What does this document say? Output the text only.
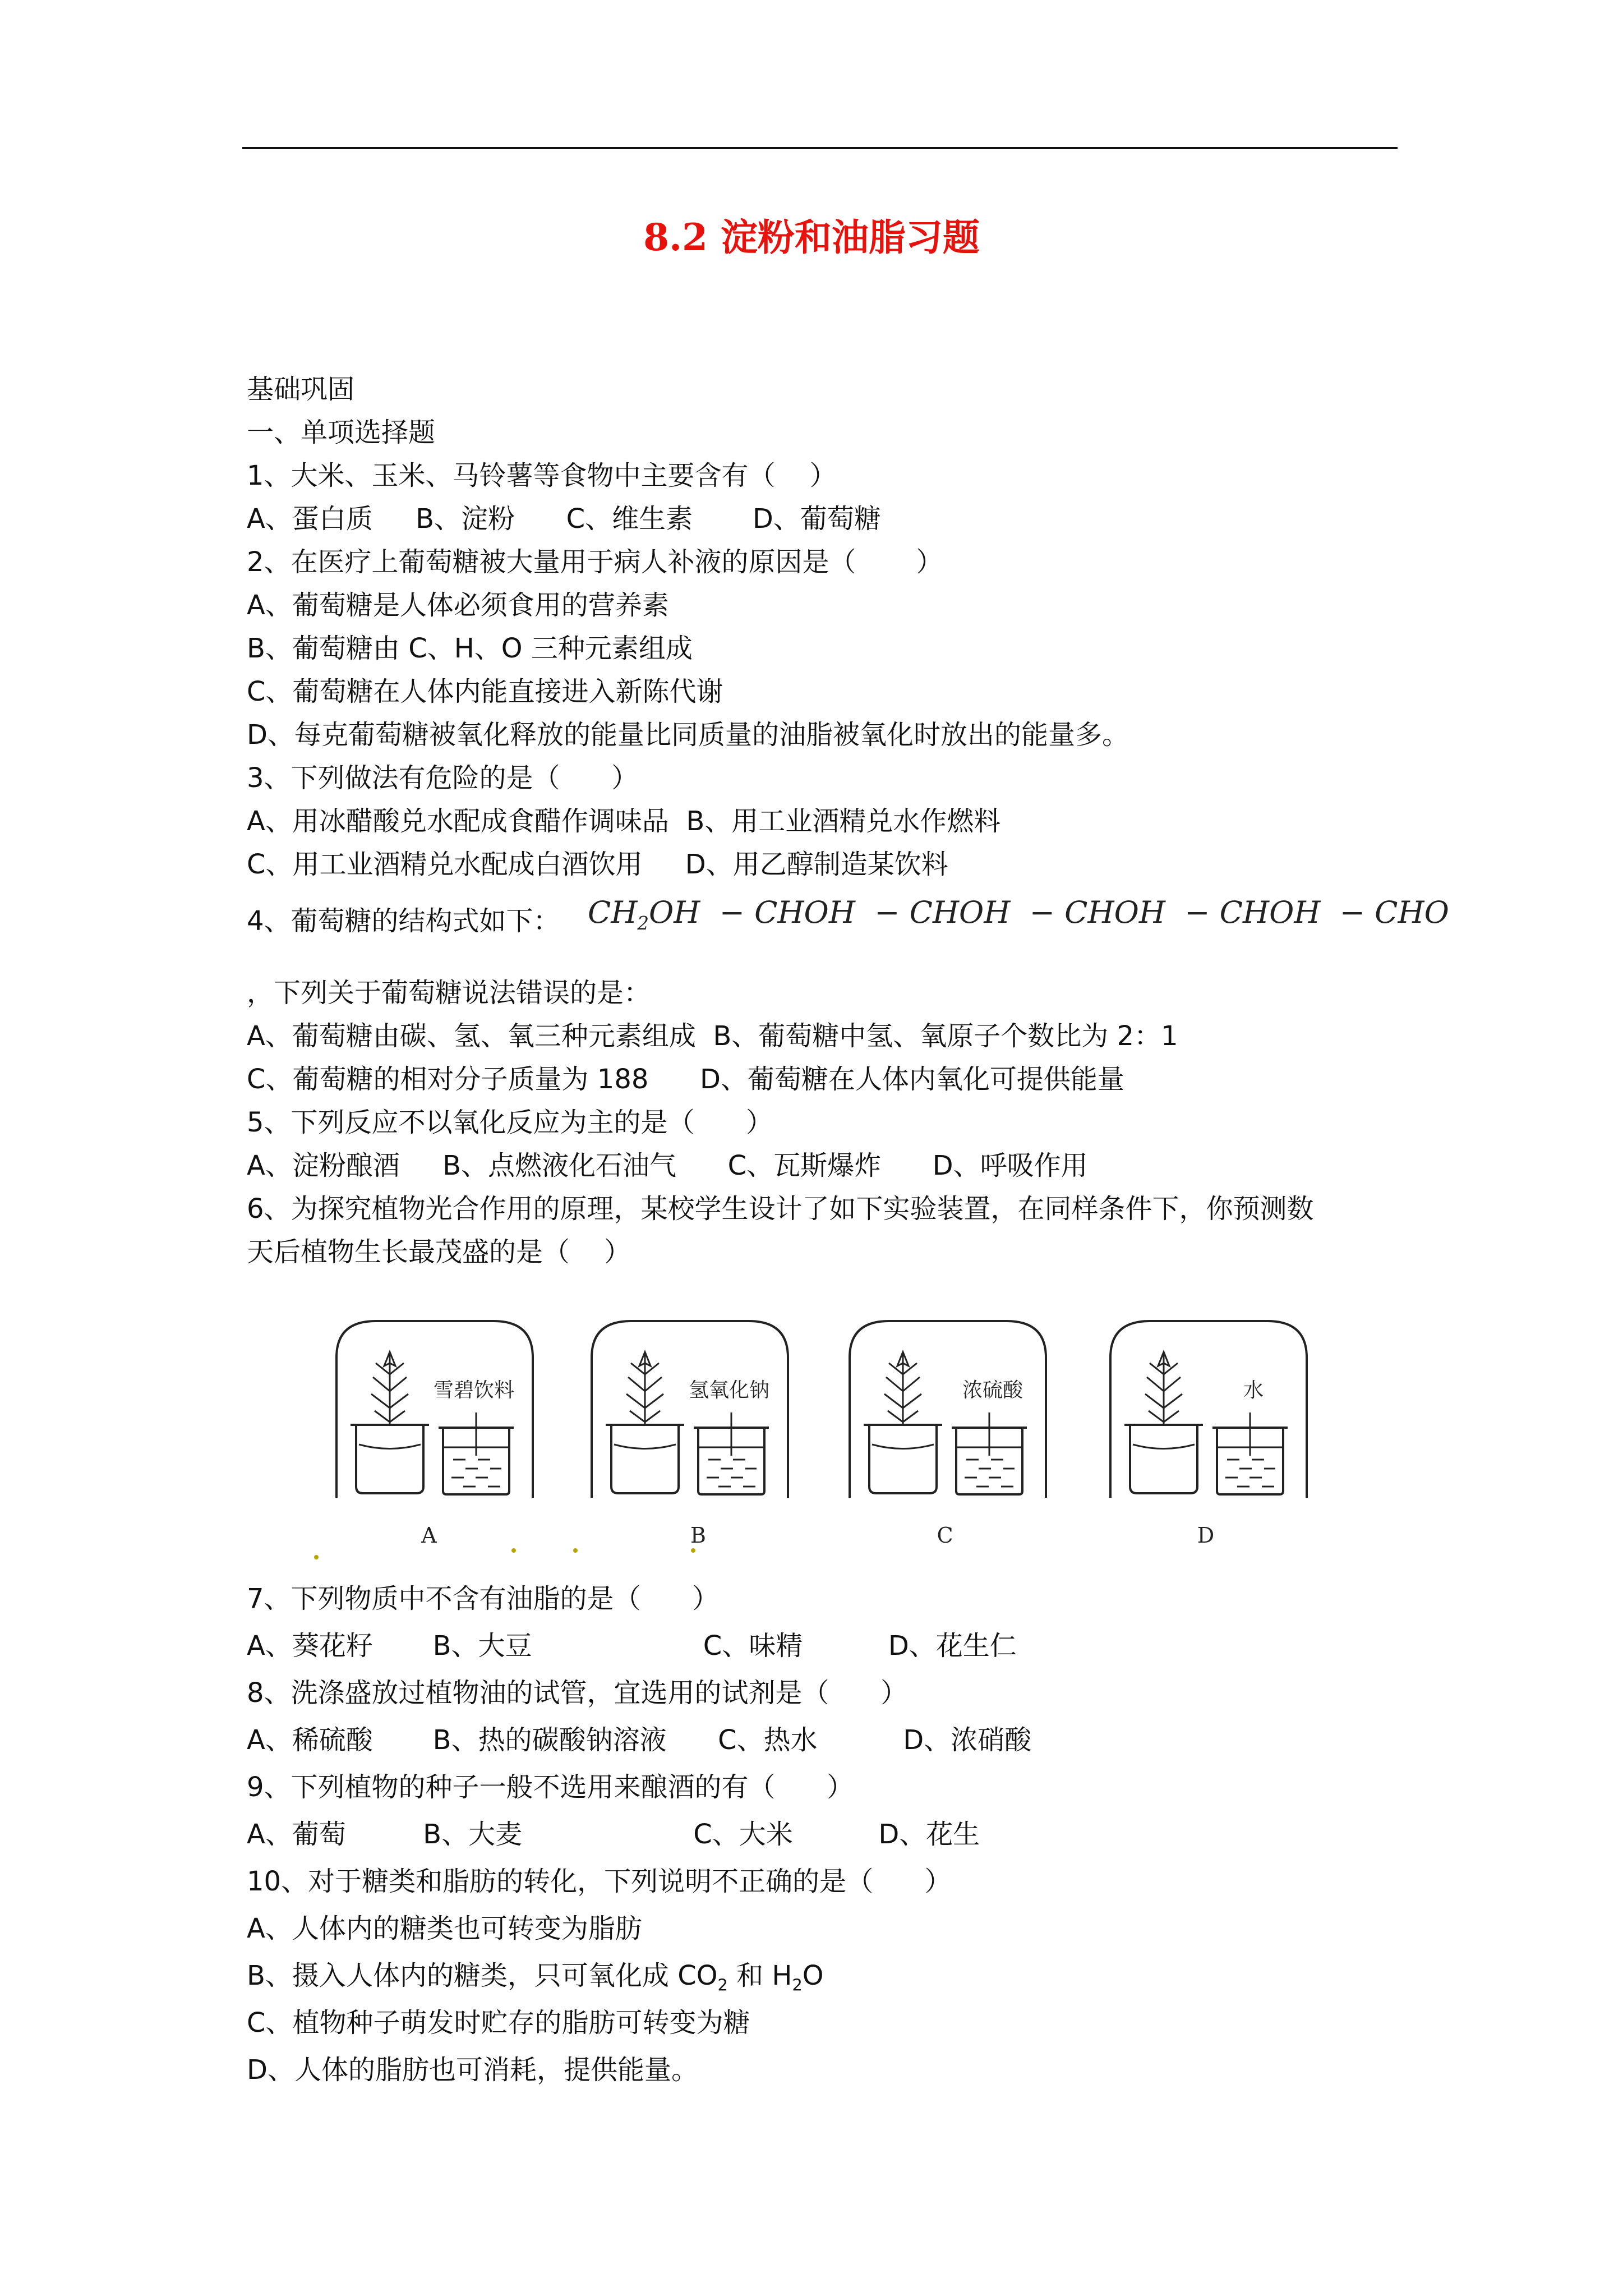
8.2 淀粉和油脂习题
基础巩固
一、单项选择题
1、大米、玉米、马铃薯等食物中主要含有（    ）
A、蛋白质     B、淀粉      C、维生素       D、葡萄糖
2、在医疗上葡萄糖被大量用于病人补液的原因是（       ）
A、葡萄糖是人体必须食用的营养素
B、葡萄糖由 C、H、O 三种元素组成
C、葡萄糖在人体内能直接进入新陈代谢
D、每克葡萄糖被氧化释放的能量比同质量的油脂被氧化时放出的能量多。
3、下列做法有危险的是（      ）
A、用冰醋酸兑水配成食醋作调味品  B、用工业酒精兑水作燃料
C、用工业酒精兑水配成白酒饮用     D、用乙醇制造某饮料
4、葡萄糖的结构式如下： $CH_2OH$  − CHOH  − CHOH  − CHOH  − CHOH  − CHO
，下列关于葡萄糖说法错误的是：
A、葡萄糖由碳、氢、氧三种元素组成  B、葡萄糖中氢、氧原子个数比为 2：1
C、葡萄糖的相对分子质量为 188      D、葡萄糖在人体内氧化可提供能量
5、下列反应不以氧化反应为主的是（      ）
A、淀粉酿酒     B、点燃液化石油气      C、瓦斯爆炸      D、呼吸作用
6、为探究植物光合作用的原理，某校学生设计了如下实验装置，在同样条件下，你预测数
天后植物生长最茂盛的是（    ）
雪碧饮料
A
氢氧化钠
B
浓硫酸
C
水
D
7、下列物质中不含有油脂的是（      ）
A、葵花籽       B、大豆                    C、味精          D、花生仁
8、洗涤盛放过植物油的试管，宜选用的试剂是（      ）
A、稀硫酸       B、热的碳酸钠溶液      C、热水          D、浓硝酸
9、下列植物的种子一般不选用来酿酒的有（      ）
A、葡萄         B、大麦                    C、大米          D、花生
10、对于糖类和脂肪的转化，下列说明不正确的是（      ）
A、人体内的糖类也可转变为脂肪
B、摄入人体内的糖类，只可氧化成 $CO_2$ 和 $H_2O$
C、植物种子萌发时贮存的脂肪可转变为糖
D、人体的脂肪也可消耗，提供能量。
